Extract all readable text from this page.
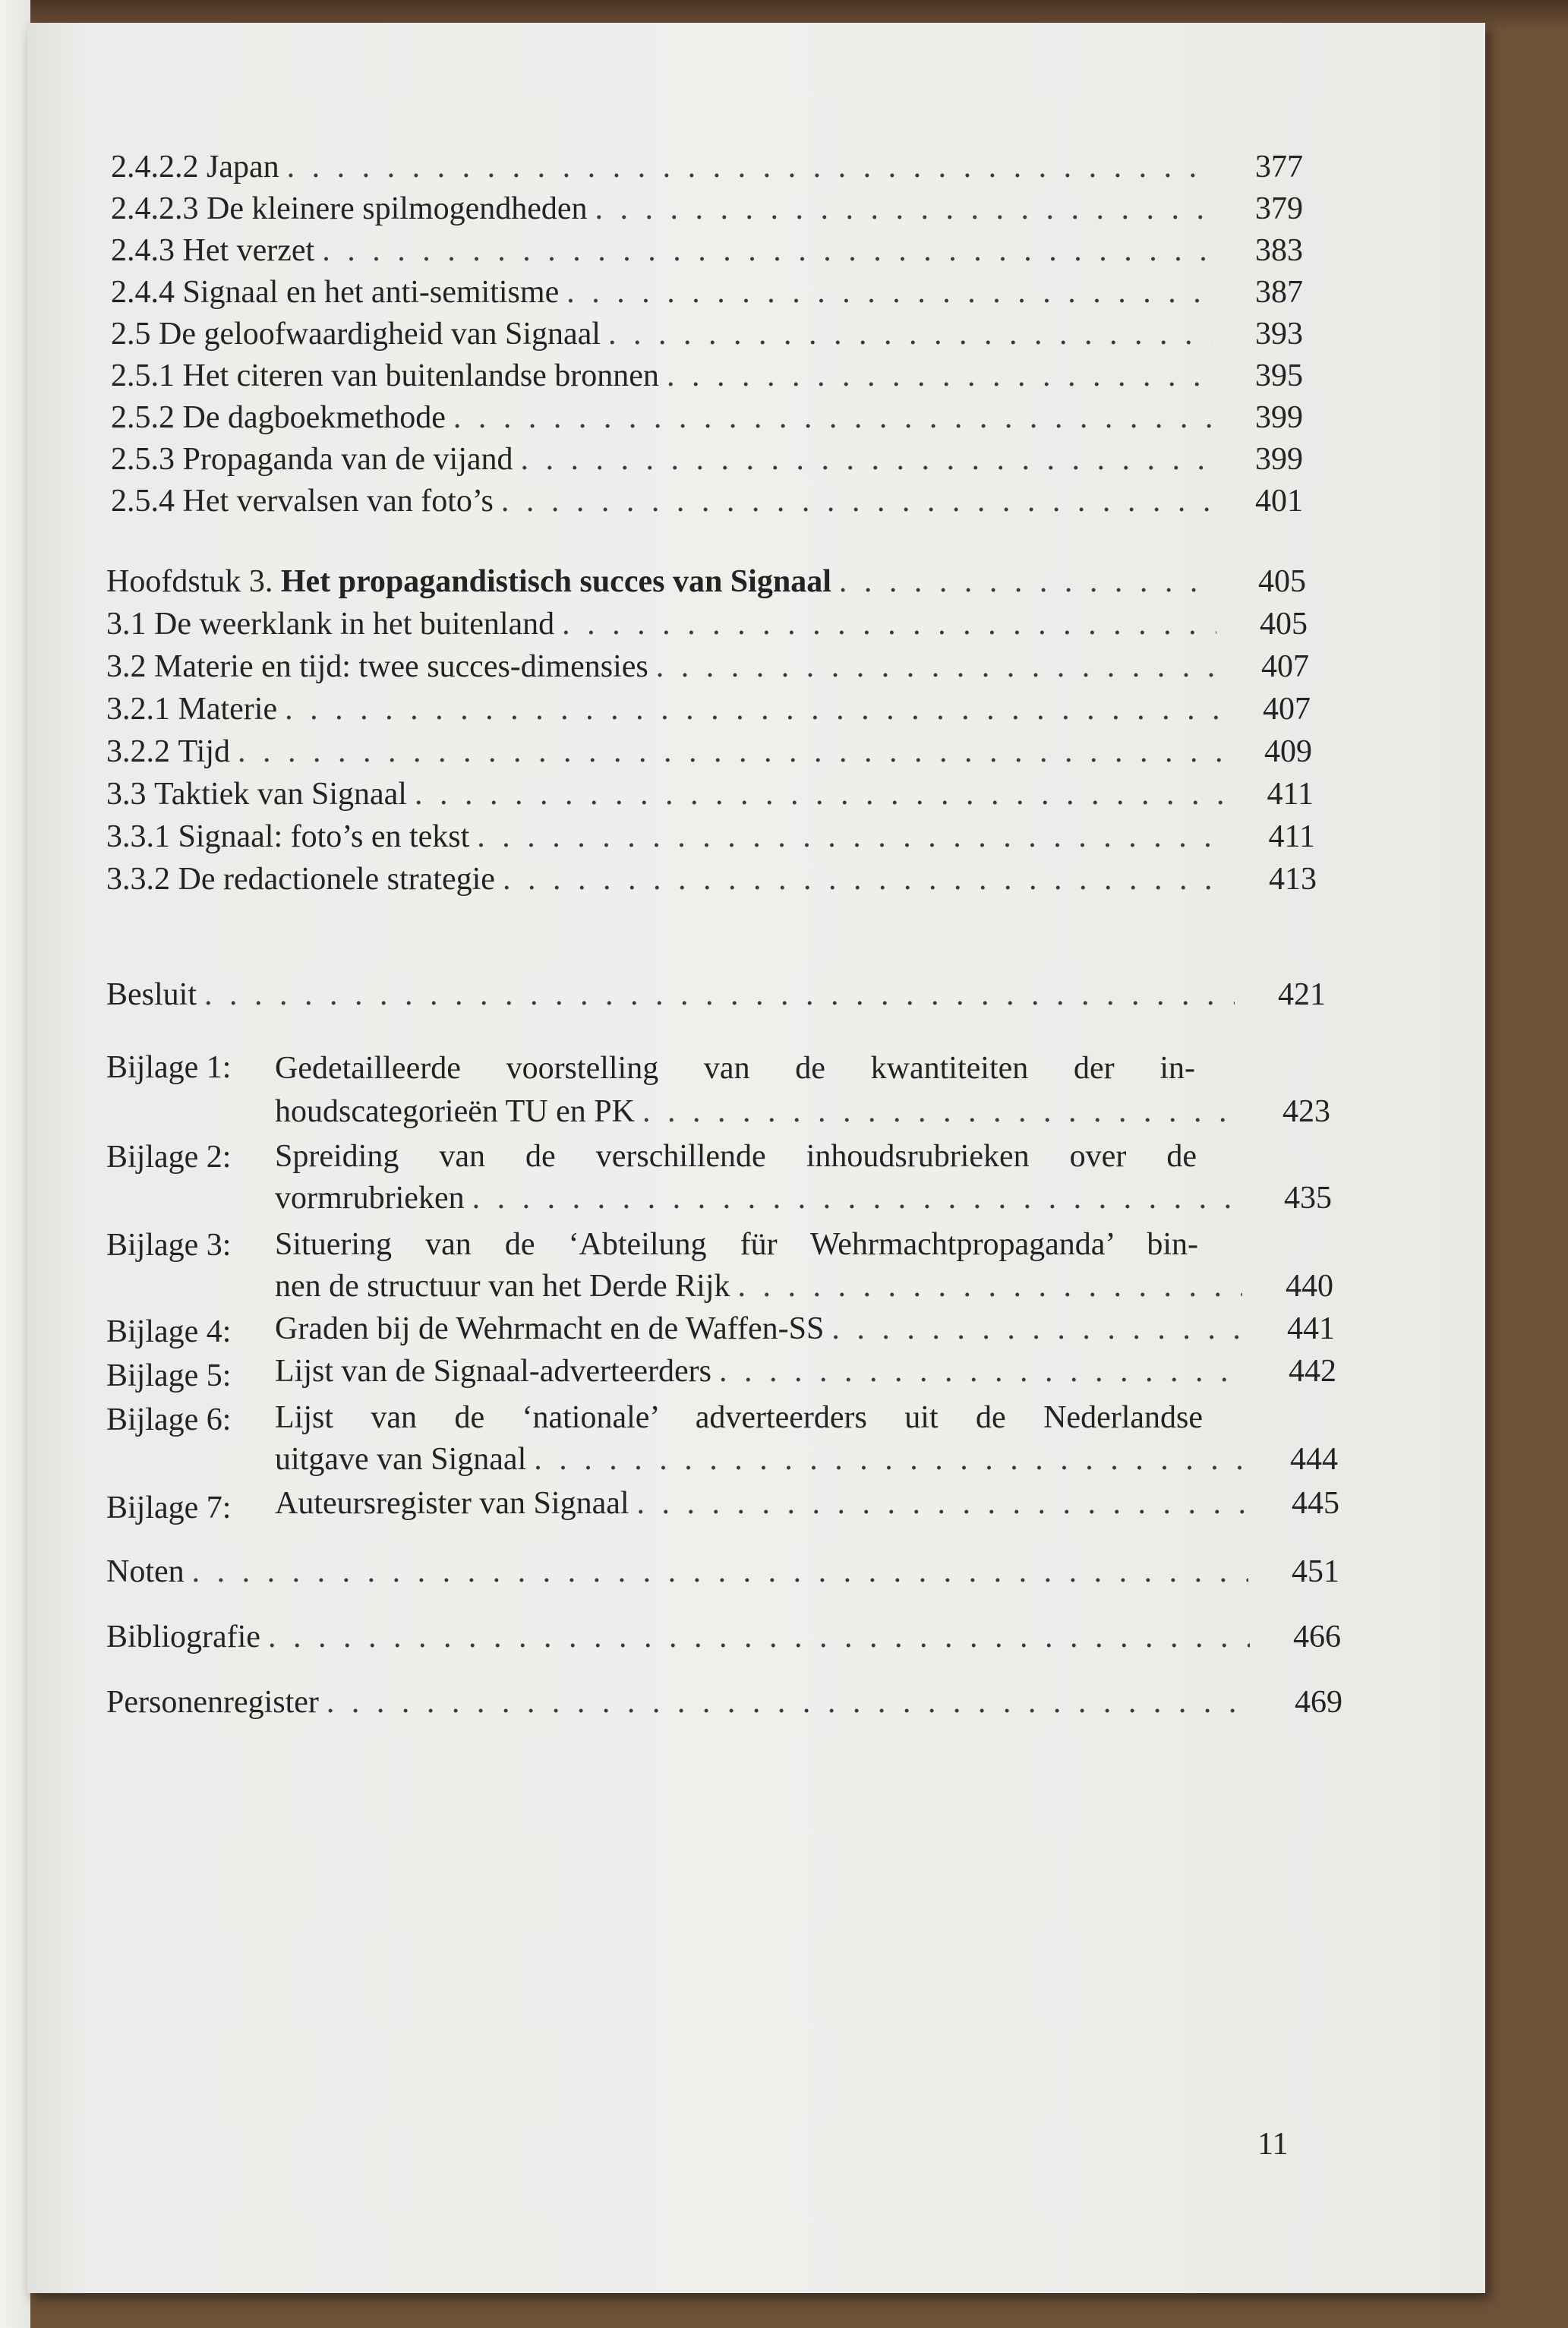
2.4.2.2 Japan . . .	377
2.4.2.3 De kleinere spilmogendheden . . .	379
2.4.3 Het verzet . . .	383
2.4.4 Signaal en het anti-semitisme . . .	387
2.5 De geloofwaardigheid van Signaal . . .	393
2.5.1 Het citeren van buitenlandse bronnen . . .	395
2.5.2 De dagboekmethode . . .	399
2.5.3 Propaganda van de vijand . . .	399
2.5.4 Het vervalsen van foto’s . . .	401
Hoofdstuk 3. Het propagandistisch succes van Signaal . . .	405
3.1 De weerklank in het buitenland . . .	405
3.2 Materie en tijd: twee succes-dimensies . . .	407
3.2.1 Materie . . .	407
3.2.2 Tijd . . .	409
3.3 Taktiek van Signaal . . .	411
3.3.1 Signaal: foto’s en tekst . . .	411
3.3.2 De redactionele strategie . . .	413
Besluit . . .	421
Bijlage 1: Gedetailleerde voorstelling van de kwantiteiten der in-
houdscategorieën TU en PK . . .	423
Bijlage 2: Spreiding van de verschillende inhoudsrubrieken over de
vormrubrieken . . .	435
Bijlage 3: Situering van de ‘Abteilung für Wehrmachtpropaganda’ bin-
nen de structuur van het Derde Rijk . . .	440
Bijlage 4: Graden bij de Wehrmacht en de Waffen-SS . . .	441
Bijlage 5: Lijst van de Signaal-adverteerders . . .	442
Bijlage 6: Lijst van de ‘nationale’ adverteerders uit de Nederlandse
uitgave van Signaal . . .	444
Bijlage 7: Auteursregister van Signaal . . .	445
Noten . . .	451
Bibliografie . . .	466
Personenregister . . .	469
11
